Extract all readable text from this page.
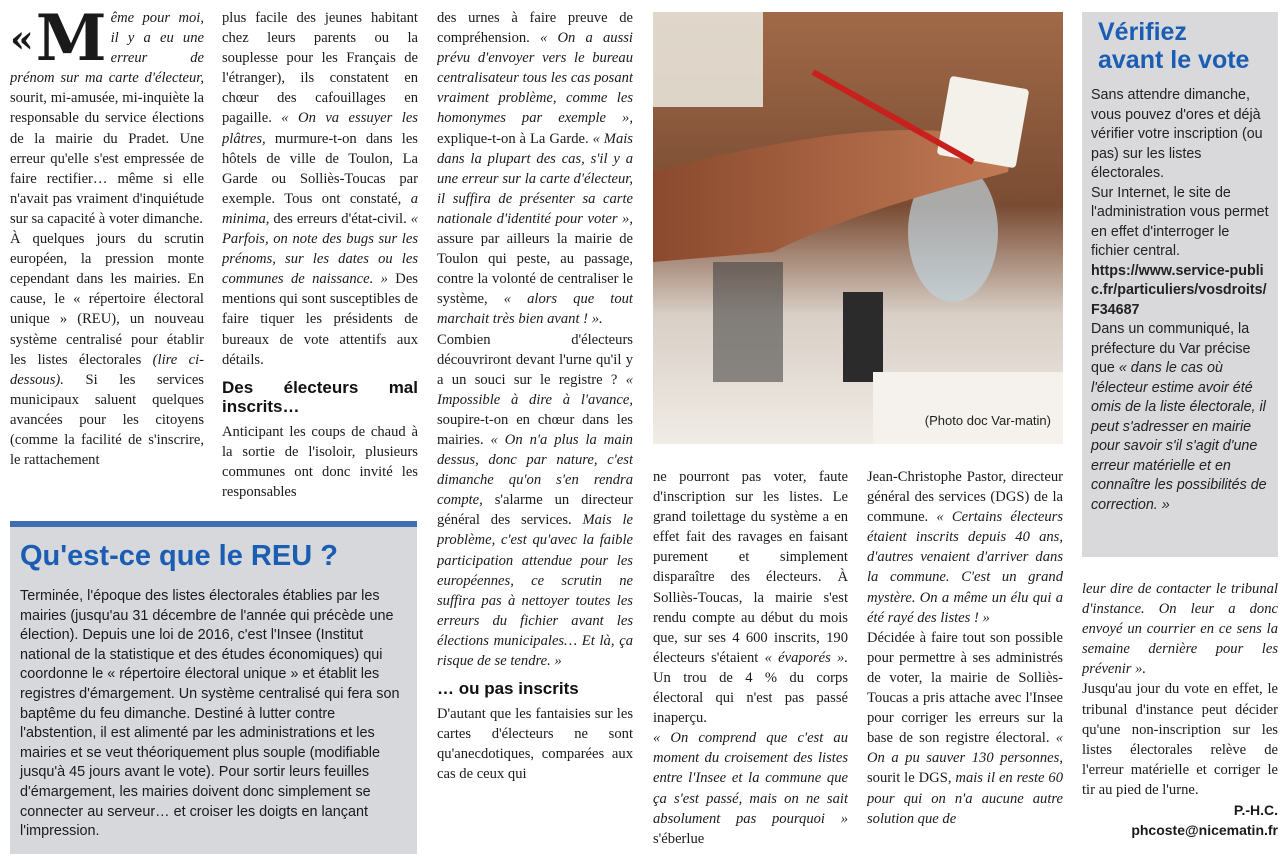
«M ême pour moi, il y a eu une erreur de prénom sur ma carte d'électeur, sourit, mi-amusée, mi-inquiète la responsable du service élections de la mairie du Pradet. Une erreur qu'elle s'est empressée de faire rectifier… même si elle n'avait pas vraiment d'inquiétude sur sa capacité à voter dimanche.

À quelques jours du scrutin européen, la pression monte cependant dans les mairies. En cause, le « répertoire électoral unique » (REU), un nouveau système centralisé pour établir les listes électorales (lire ci-dessous). Si les services municipaux saluent quelques avancées pour les citoyens (comme la facilité de s'inscrire, le rattachement

plus facile des jeunes habitant chez leurs parents ou la souplesse pour les Français de l'étranger), ils constatent en chœur des cafouillages en pagaille. « On va essuyer les plâtres, murmure-t-on dans les hôtels de ville de Toulon, La Garde ou Solliès-Toucas par exemple. Tous ont constaté, a minima, des erreurs d'état-civil. « Parfois, on note des bugs sur les prénoms, sur les dates ou les communes de naissance. » Des mentions qui sont susceptibles de faire tiquer les présidents de bureaux de vote attentifs aux détails.

Des électeurs mal inscrits…

Anticipant les coups de chaud à la sortie de l'isoloir, plusieurs communes ont donc invité les responsables

des urnes à faire preuve de compréhension. « On a aussi prévu d'envoyer vers le bureau centralisateur tous les cas posant vraiment problème, comme les homonymes par exemple », explique-t-on à La Garde. « Mais dans la plupart des cas, s'il y a une erreur sur la carte d'électeur, il suffira de présenter sa carte nationale d'identité pour voter », assure par ailleurs la mairie de Toulon qui peste, au passage, contre la volonté de centraliser le système, « alors que tout marchait très bien avant ! ».

Combien d'électeurs découvriront devant l'urne qu'il y a un souci sur le registre ? « Impossible à dire à l'avance, soupire-t-on en chœur dans les mairies. « On n'a plus la main dessus, donc par nature, c'est dimanche qu'on s'en rendra compte, s'alarme un directeur général des services. Mais le problème, c'est qu'avec la faible participation attendue pour les européennes, ce scrutin ne suffira pas à nettoyer toutes les erreurs du fichier avant les élections municipales… Et là, ça risque de se tendre. »

… ou pas inscrits

D'autant que les fantaisies sur les cartes d'électeurs ne sont qu'anecdotiques, comparées aux cas de ceux qui

(Photo doc Var-matin)

ne pourront pas voter, faute d'inscription sur les listes. Le grand toilettage du système a en effet fait des ravages en faisant purement et simplement disparaître des électeurs. À Solliès-Toucas, la mairie s'est rendu compte au début du mois que, sur ses 4 600 inscrits, 190 électeurs s'étaient « évaporés ». Un trou de 4 % du corps électoral qui n'est pas passé inaperçu.

« On comprend que c'est au moment du croisement des listes entre l'Insee et la commune que ça s'est passé, mais on ne sait absolument pas pourquoi » s'éberlue

Jean-Christophe Pastor, directeur général des services (DGS) de la commune. « Certains électeurs étaient inscrits depuis 40 ans, d'autres venaient d'arriver dans la commune. C'est un grand mystère. On a même un élu qui a été rayé des listes ! »

Décidée à faire tout son possible pour permettre à ses administrés de voter, la mairie de Solliès-Toucas a pris attache avec l'Insee pour corriger les erreurs sur la base de son registre électoral. « On a pu sauver 130 personnes, sourit le DGS, mais il en reste 60 pour qui on n'a aucune autre solution que de

Vérifiez
avant le vote

Sans attendre dimanche, vous pouvez d'ores et déjà vérifier votre inscription (ou pas) sur les listes électorales.

Sur Internet, le site de l'administration vous permet en effet d'interroger le fichier central.

https://www.service-public.fr/particuliers/vosdroits/F34687

Dans un communiqué, la préfecture du Var précise que « dans le cas où l'électeur estime avoir été omis de la liste électorale, il peut s'adresser en mairie pour savoir s'il s'agit d'une erreur matérielle et en connaître les possibilités de correction. »

leur dire de contacter le tribunal d'instance. On leur a donc envoyé un courrier en ce sens la semaine dernière pour les prévenir ».

Jusqu'au jour du vote en effet, le tribunal d'instance peut décider qu'une non-inscription sur les listes électorales relève de l'erreur matérielle et corriger le tir au pied de l'urne.

P.-H.C.
phcoste@nicematin.fr
Qu'est-ce que le REU ?
Terminée, l'époque des listes électorales établies par les mairies (jusqu'au 31 décembre de l'année qui précède une élection). Depuis une loi de 2016, c'est l'Insee (Institut national de la statistique et des études économiques) qui coordonne le « répertoire électoral unique » et établit les registres d'émargement. Un système centralisé qui fera son baptême du feu dimanche. Destiné à lutter contre l'abstention, il est alimenté par les administrations et les mairies et se veut théoriquement plus souple (modifiable jusqu'à 45 jours avant le vote). Pour sortir leurs feuilles d'émargement, les mairies doivent donc simplement se connecter au serveur… et croiser les doigts en lançant l'impression.
